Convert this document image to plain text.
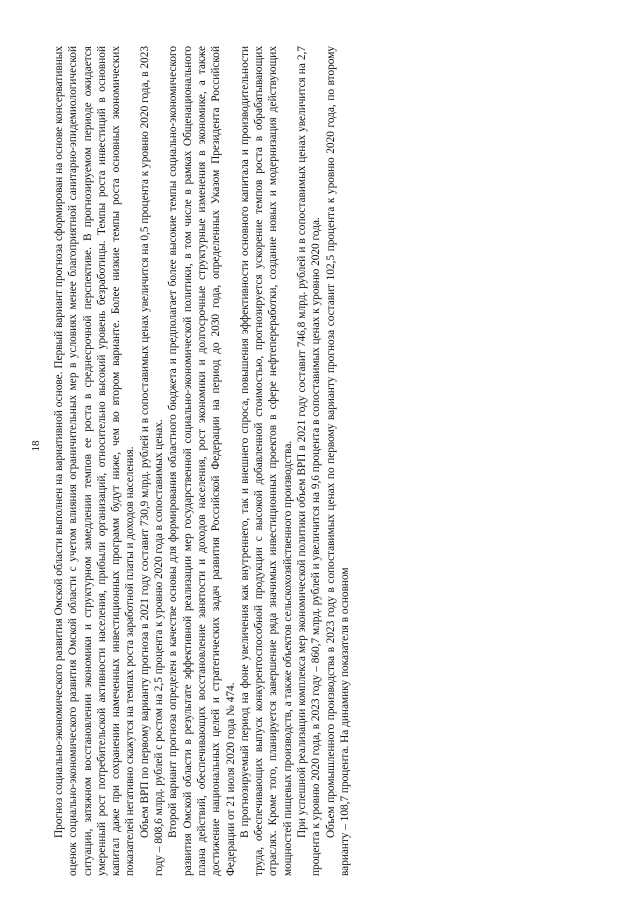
18 Прогноз социально-экономического развития Омской области выполнен на вариативной основе. Первый вариант прогноза сформирован на основе консервативных оценок социально-экономического развития Омской области с учетом влияния ограничительных мер в условиях менее благоприятной санитарно-эпидемиологической ситуации, затяжном восстановлении экономики и структурном замедлении темпов ее роста в среднесрочной перспективе. В прогнозируемом периоде ожидается умеренный рост потребительской активности населения, прибыли организаций, относительно высокий уровень безработицы. Темпы роста инвестиций в основной капитал даже при сохранении намеченных инвестиционных программ будут ниже, чем во втором варианте. Более низкие темпы роста основных экономических показателей негативно скажутся на темпах роста заработной платы и доходов населения. Объем ВРП по первому варианту прогноза в 2021 году составит 730,9 млрд. рублей и в сопоставимых ценах увеличится на 0,5 процента к уровню 2020 года, в 2023 году – 808,6 млрд. рублей с ростом на 2,5 процента к уровню 2020 года в сопоставимых ценах. Второй вариант прогноза определен в качестве основы для формирования областного бюджета и предполагает более высокие темпы социально-экономического развития Омской области в результате эффективной реализации мер государственной социально-экономической политики, в том числе в рамках Общенационального плана действий, обеспечивающих восстановление занятости и доходов населения, рост экономики и долгосрочные структурные изменения в экономике, а также достижение национальных целей и стратегических задач развития Российской Федерации на период до 2030 года, определенных Указом Президента Российской Федерации от 21 июля 2020 года № 474. В прогнозируемый период на фоне увеличения как внутреннего, так и внешнего спроса, повышения эффективности основного капитала и производительности труда, обеспечивающих выпуск конкурентоспособной продукции с высокой добавленной стоимостью, прогнозируется ускорение темпов роста в обрабатывающих отраслях. Кроме того, планируется завершение ряда значимых инвестиционных проектов в сфере нефтепереработки, создание новых и модернизация действующих мощностей пищевых производств, а также объектов сельскохозяйственного производства. При успешной реализации комплекса мер экономической политики объем ВРП в 2021 году составит 746,8 млрд. рублей и в сопоставимых ценах увеличится на 2,7 процента к уровню 2020 года, в 2023 году – 860,7 млрд. рублей и увеличится на 9,6 процента в сопоставимых ценах к уровню 2020 года. Объем промышленного производства в 2023 году в сопоставимых ценах по первому варианту прогноза составит 102,5 процента к уровню 2020 года, по второму варианту – 108,7 процента. На динамику показателя в основном
